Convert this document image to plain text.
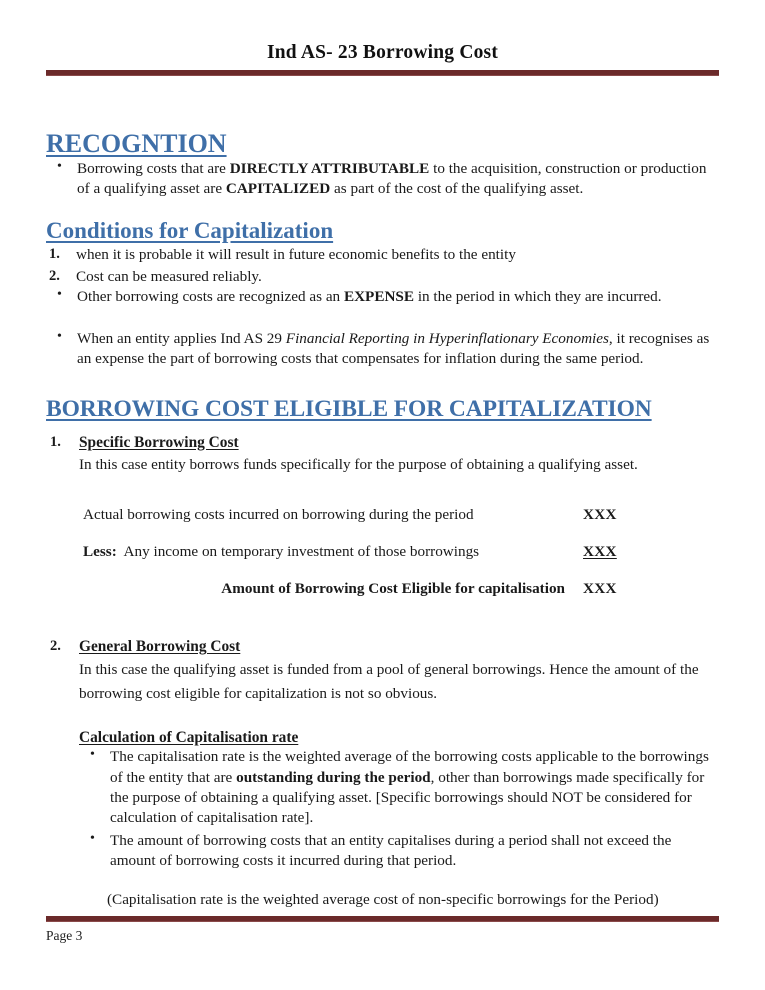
Ind AS- 23 Borrowing Cost
RECOGNTION
• Borrowing costs that are DIRECTLY ATTRIBUTABLE to the acquisition, construction or production of a qualifying asset are CAPITALIZED as part of the cost of the qualifying asset.
Conditions for Capitalization
when it is probable it will result in future economic benefits to the entity
Cost can be measured reliably.
• Other borrowing costs are recognized as an EXPENSE in the period in which they are incurred.
• When an entity applies Ind AS 29 Financial Reporting in Hyperinflationary Economies, it recognises as an expense the part of borrowing costs that compensates for inflation during the same period.
BORROWING COST ELIGIBLE FOR CAPITALIZATION
1. Specific Borrowing Cost
In this case entity borrows funds specifically for the purpose of obtaining a qualifying asset.
Actual borrowing costs incurred on borrowing during the period	XXX
Less: Any income on temporary investment of those borrowings	XXX
Amount of Borrowing Cost Eligible for capitalisation	XXX
2. General Borrowing Cost
In this case the qualifying asset is funded from a pool of general borrowings. Hence the amount of the borrowing cost eligible for capitalization is not so obvious.
Calculation of Capitalisation rate
• The capitalisation rate is the weighted average of the borrowing costs applicable to the borrowings of the entity that are outstanding during the period, other than borrowings made specifically for the purpose of obtaining a qualifying asset. [Specific borrowings should NOT be considered for calculation of capitalisation rate].
• The amount of borrowing costs that an entity capitalises during a period shall not exceed the amount of borrowing costs it incurred during that period.
(Capitalisation rate is the weighted average cost of non-specific borrowings for the Period)
Page 3
